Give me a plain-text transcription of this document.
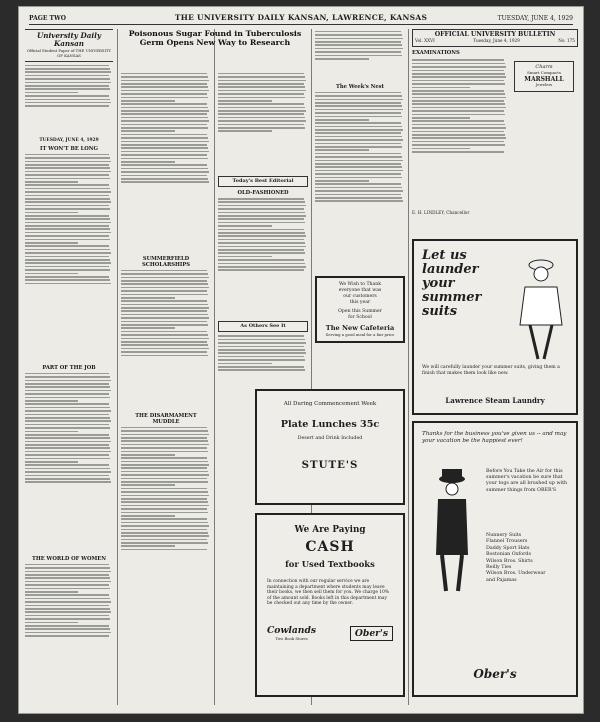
PAGE TWO	THE UNIVERSITY DAILY KANSAN, LAWRENCE, KANSAS	TUESDAY, JUNE 4, 1929
University Daily Kansan
Official Student Paper of THE UNIVERSITY OF KANSAS
TUESDAY, JUNE 4, 1929
IT WON'T BE LONG
PART OF THE JOB
THE WORLD OF WOMEN
Poisonous Sugar Found in Tuberculosis Germ Opens New Way to Research
SUMMERFIELD SCHOLARSHIPS
THE DISARMAMENT MUDDLE
Today's Best Editorial
OLD-FASHIONED
As Others See It
The Week's Nest
We Wish to Thank
everyone that was
our customers
this year
Open this Summer
for School
The New Cafeteria
Serving a good meal for a fair price
All During Commencement Week
Plate Lunches 35c
Desert and Drink Included
STUTE'S
We Are Paying
CASH
for Used Textbooks
In connection with our regular service we are maintaining a department where students may leave their books, we then sell them for you. We charge 10% of the amount sold. Books left in this department may be checked out any time by the owner.
Cowlands
Two Book Stores	Ober's
OFFICIAL UNIVERSITY BULLETIN
Vol. XXVI	Tuesday, June 4, 1929	No. 175
EXAMINATIONS
Charm
Smart Compacts
MARSHALL
Jewelers
E. H. LINDLEY, Chancellor
Let us
launder
your
summer
suits
We will carefully launder your summer suits, giving them a finish that makes them look like new.
Lawrence Steam Laundry
Thanks for the business you've given us -- and may your vacation be the happiest ever!
Before You Take the Air for this summer's vacation be sure that your togs are all brushed up with summer things from OBER'S
Nunnery Suits
Flannel Trousers
Daddy Sport Hats
Bostonian Oxfords
Wilson Bros. Shirts
Reilly Ties
Wilson Bros. Underwear
and Pajamas
Ober's
